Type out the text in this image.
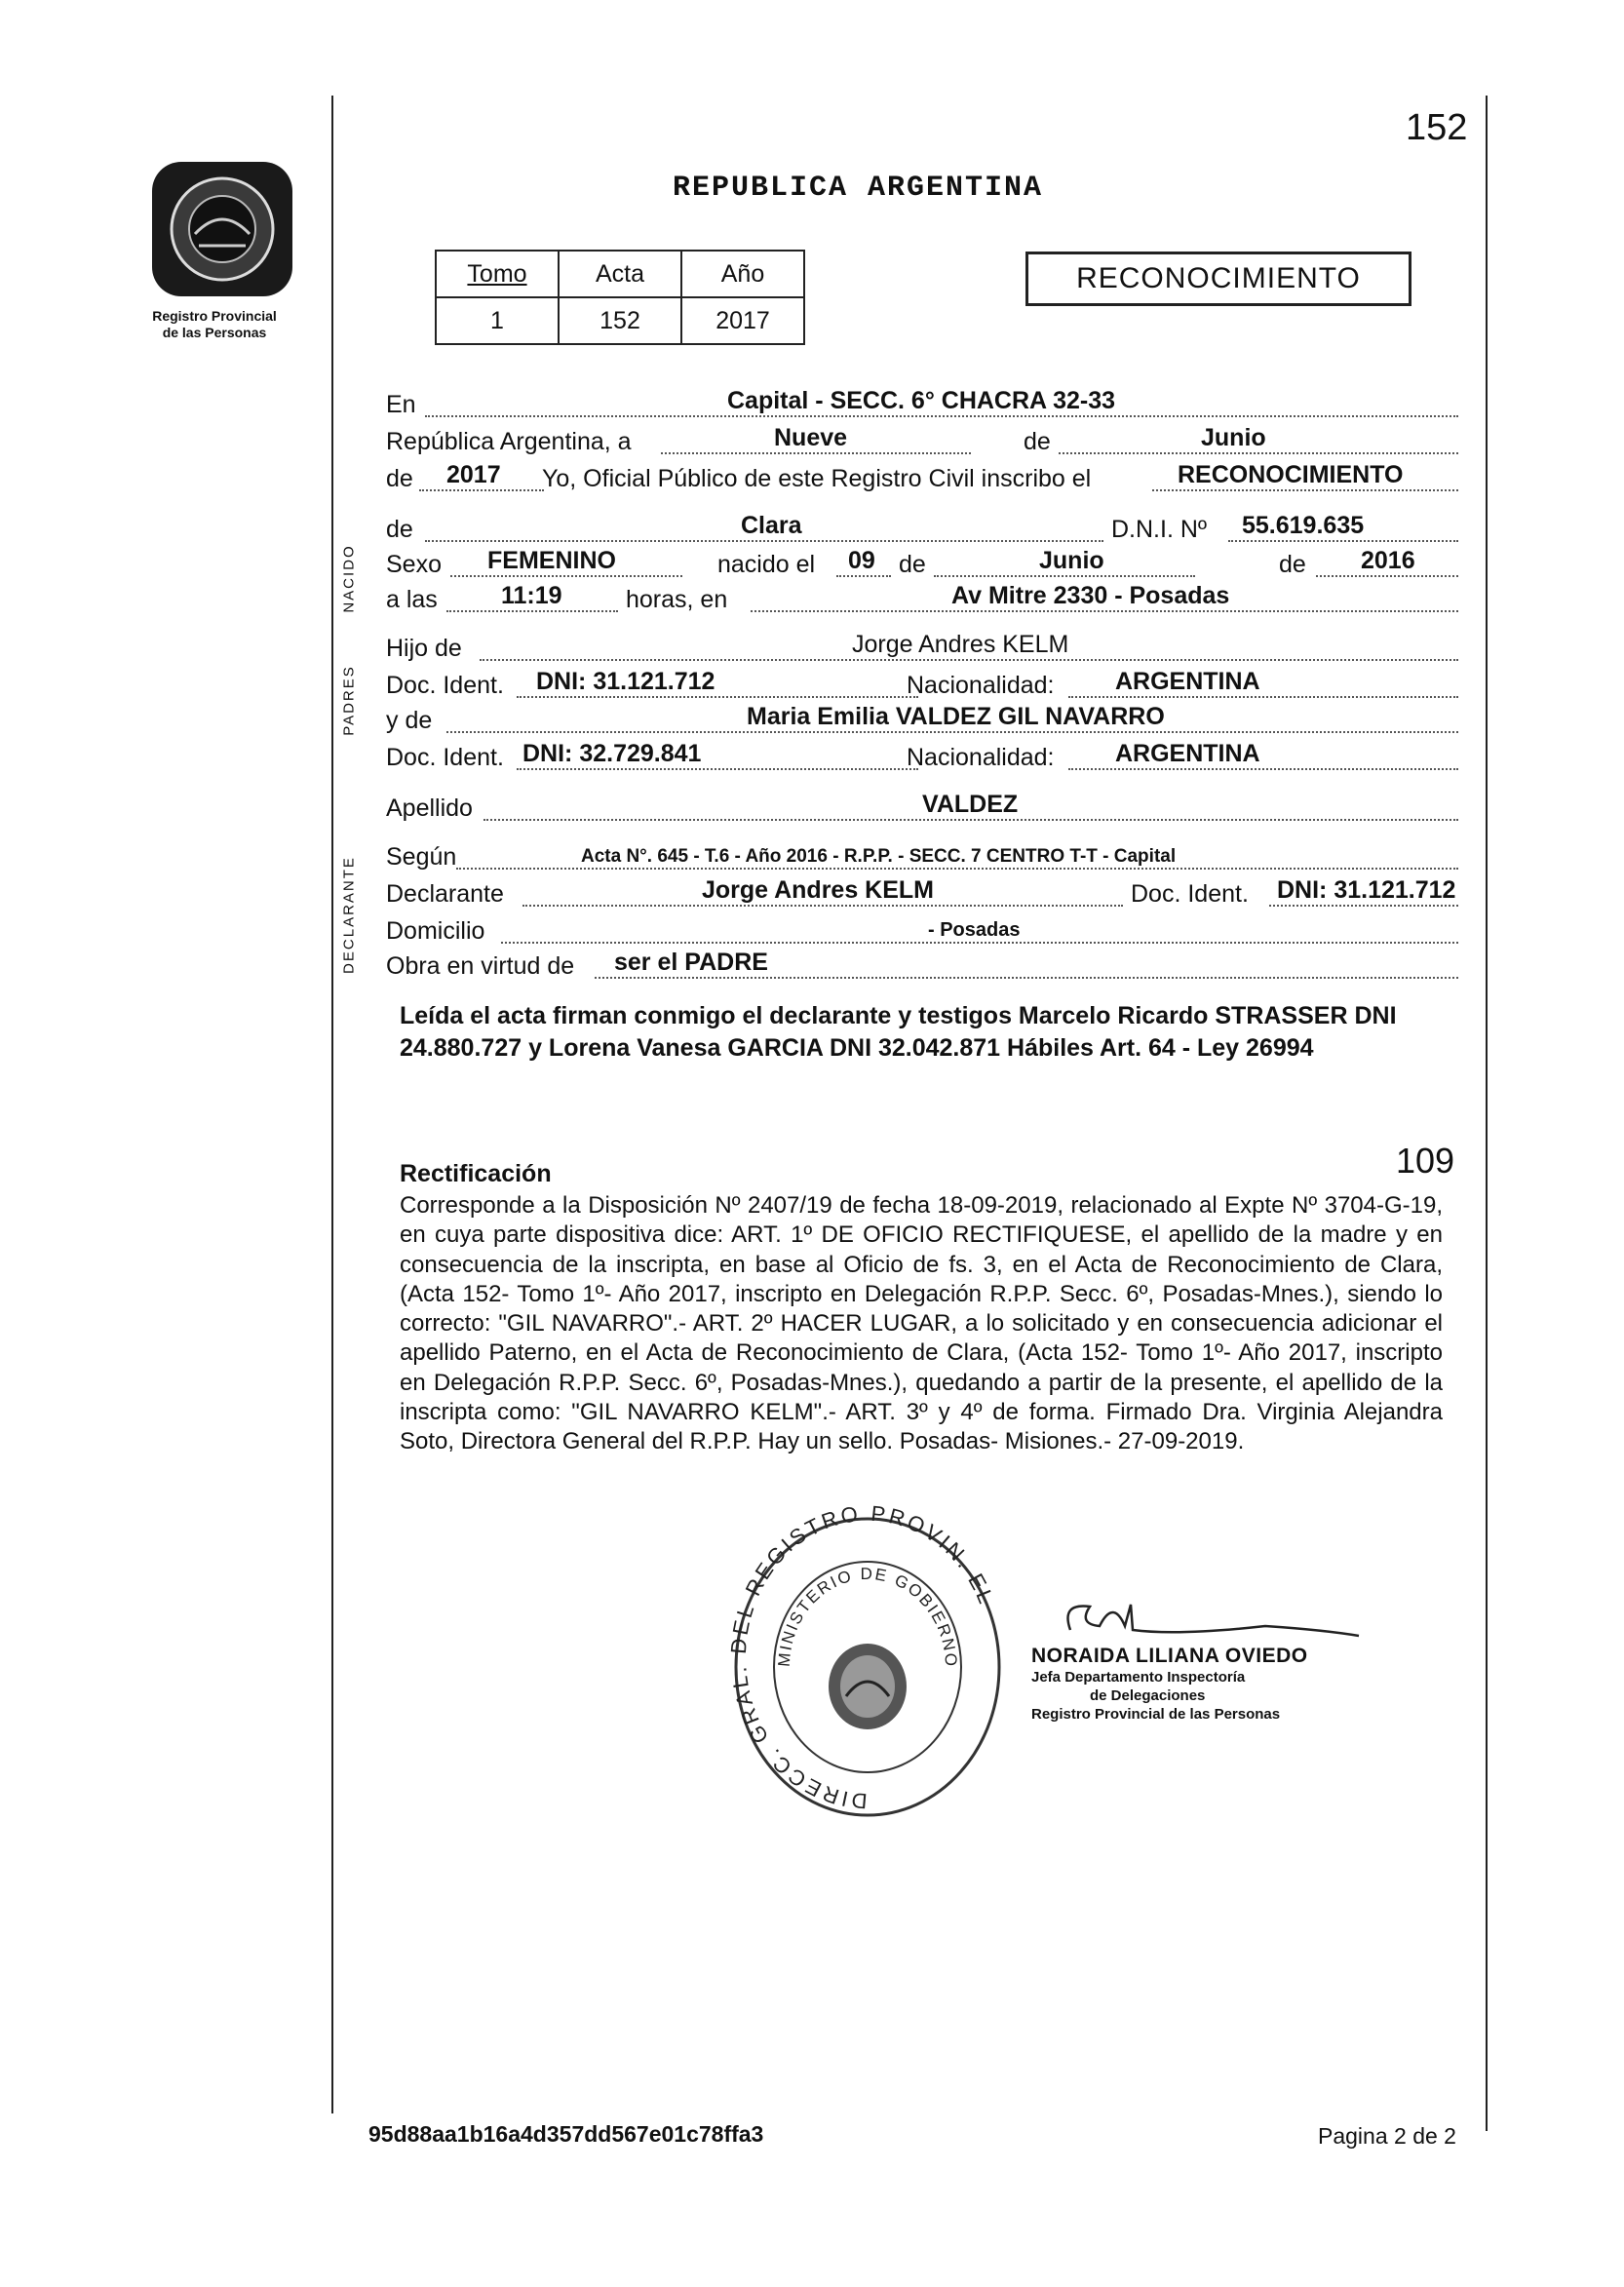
Registro Provincial
de las Personas
152
REPUBLICA ARGENTINA
Tomo	Acta	Año
1	152	2017
RECONOCIMIENTO
NACIDO
PADRES
DECLARANTE
En	Capital - SECC. 6° CHACRA 32-33
República Argentina, a	Nueve	de	Junio
de 2017 Yo, Oficial Público de este Registro Civil inscribo el	RECONOCIMIENTO
de	Clara	D.N.I. Nº 55.619.635
Sexo FEMENINO	nacido el 09 de	Junio	de 2016
a las	11:19	horas, en	Av Mitre 2330 - Posadas
Hijo de	Jorge Andres KELM
Doc. Ident. DNI: 31.121.712	Nacionalidad:	ARGENTINA
y de	Maria Emilia VALDEZ GIL NAVARRO
Doc. Ident. DNI: 32.729.841	Nacionalidad:	ARGENTINA
Apellido	VALDEZ
Según	Acta N°. 645 - T.6 - Año 2016 - R.P.P. - SECC. 7 CENTRO T-T - Capital
Declarante	Jorge Andres KELM	Doc. Ident. DNI: 31.121.712
Domicilio	- Posadas
Obra en virtud de ser el PADRE
Leída el acta firman conmigo el declarante y testigos Marcelo Ricardo STRASSER DNI 24.880.727 y Lorena Vanesa GARCIA DNI 32.042.871 Hábiles Art. 64 - Ley 26994
109
Rectificación
Corresponde a la Disposición Nº 2407/19 de fecha 18-09-2019, relacionado al Expte Nº 3704-G-19, en cuya parte dispositiva dice: ART. 1º DE OFICIO RECTIFIQUESE, el apellido de la madre y en consecuencia de la inscripta, en base al Oficio de fs. 3, en el Acta de Reconocimiento de Clara, (Acta 152- Tomo 1º- Año 2017, inscripto en Delegación R.P.P. Secc. 6º, Posadas-Mnes.), siendo lo correcto: "GIL NAVARRO".- ART. 2º HACER LUGAR, a lo solicitado y en consecuencia adicionar el apellido Paterno, en el Acta de Reconocimiento de Clara, (Acta 152- Tomo 1º- Año 2017, inscripto en Delegación R.P.P. Secc. 6º, Posadas-Mnes.), quedando a partir de la presente, el apellido de la inscripta como: "GIL NAVARRO KELM".- ART. 3º y 4º de forma. Firmado Dra. Virginia Alejandra Soto, Directora General del R.P.P. Hay un sello. Posadas- Misiones.- 27-09-2019.
DIRECC. GRAL. DEL REGISTRO PROVIN. EL
MINISTERIO DE GOBIERNO	NORAIDA LILIANA OVIEDO
Jefa Departamento Inspectoría
de Delegaciones
Registro Provincial de las Personas
95d88aa1b16a4d357dd567e01c78ffa3	Pagina 2 de 2
